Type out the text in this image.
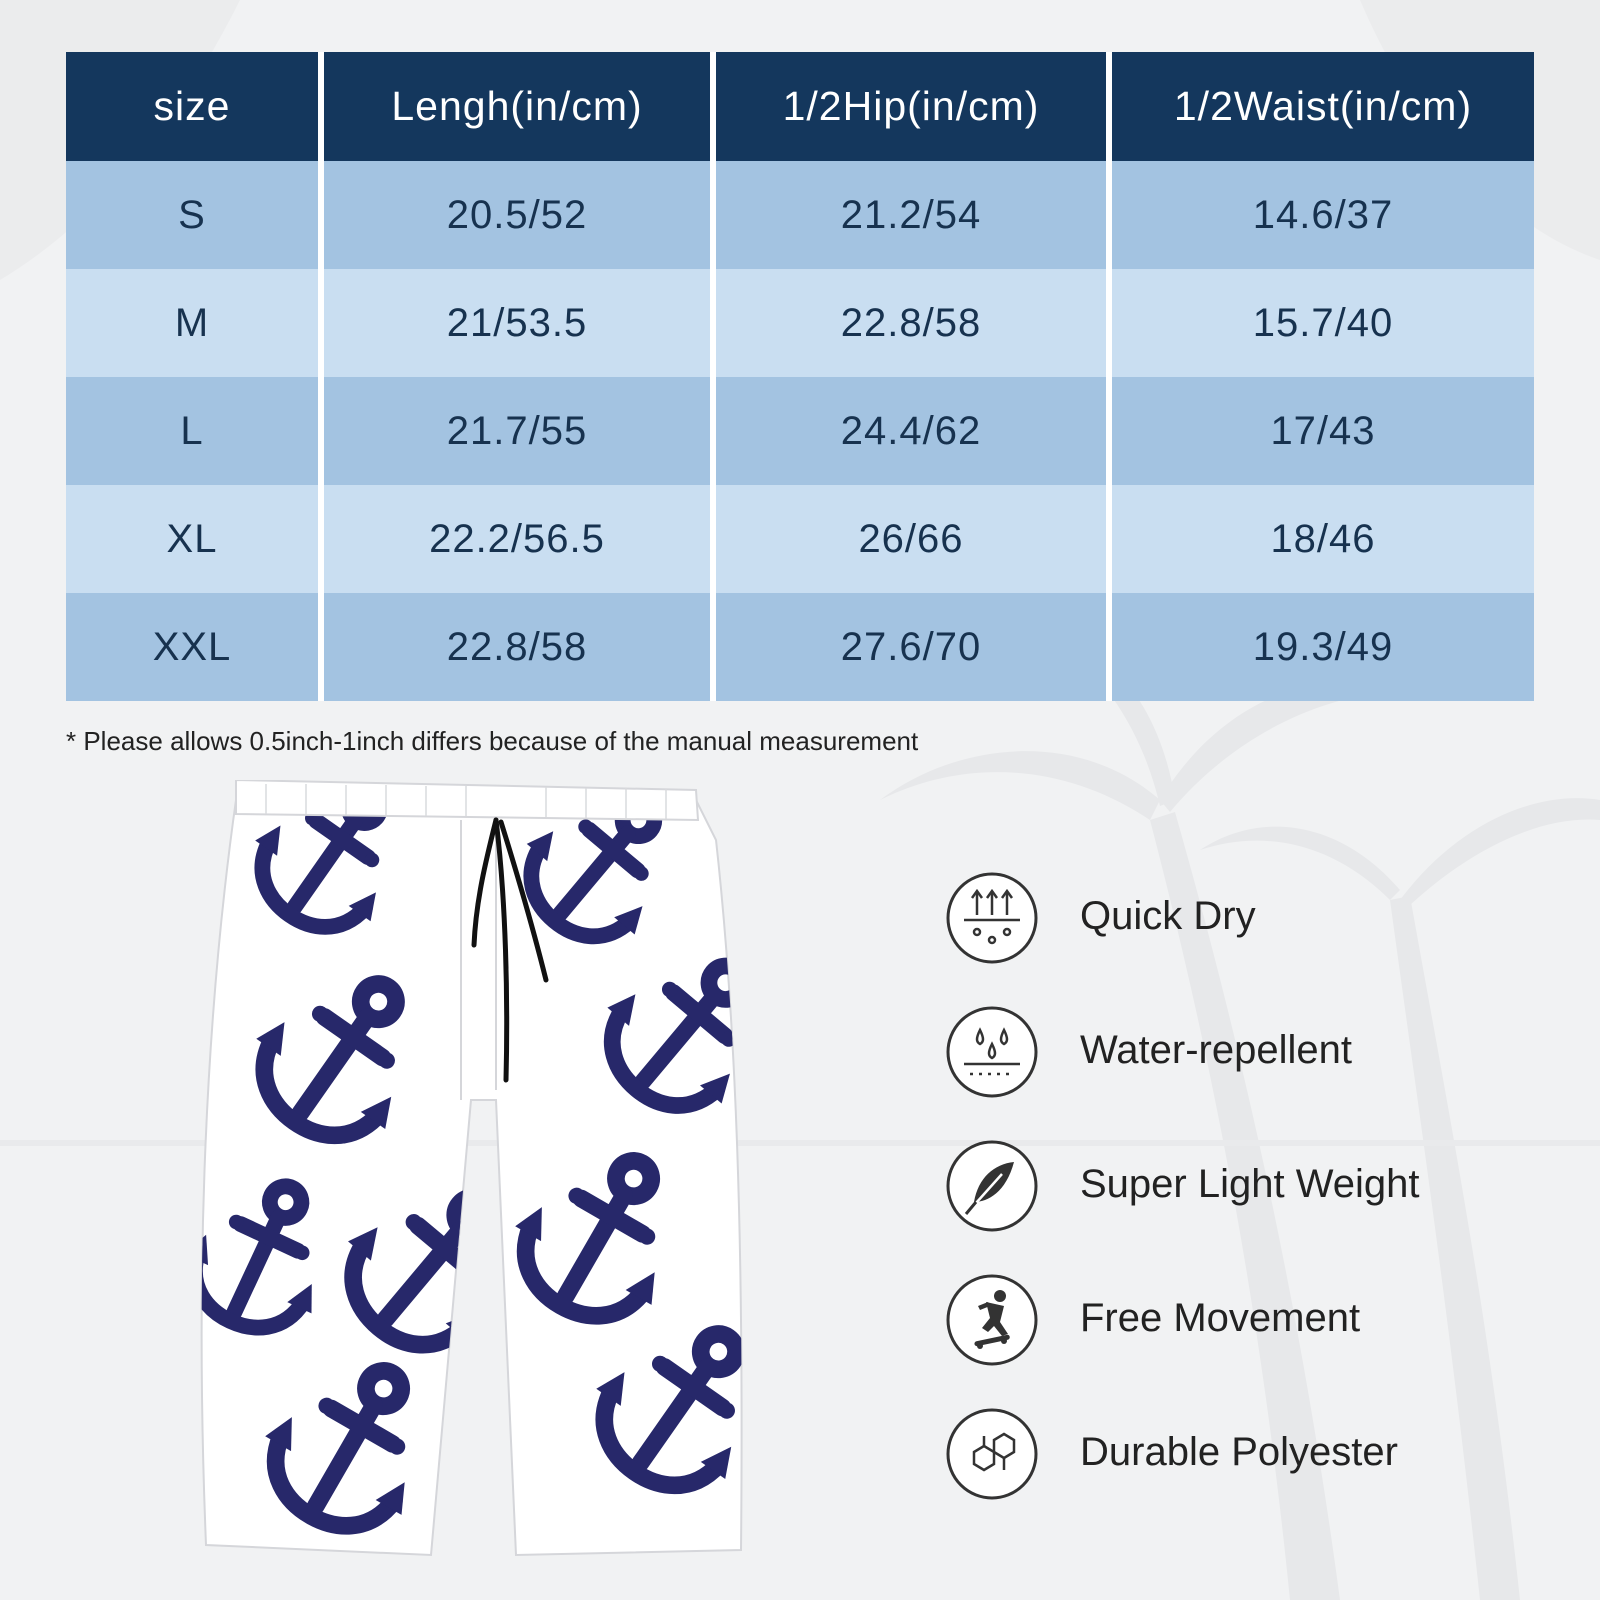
size	Lengh(in/cm)	1/2Hip(in/cm)	1/2Waist(in/cm)
S	20.5/52	21.2/54	14.6/37
M	21/53.5	22.8/58	15.7/40
L	21.7/55	24.4/62	17/43
XL	22.2/56.5	26/66	18/46
XXL	22.8/58	27.6/70	19.3/49
* Please allows 0.5inch-1inch differs because of the manual measurement
Quick Dry
Water-repellent
Super Light Weight
Free Movement
Durable Polyester
